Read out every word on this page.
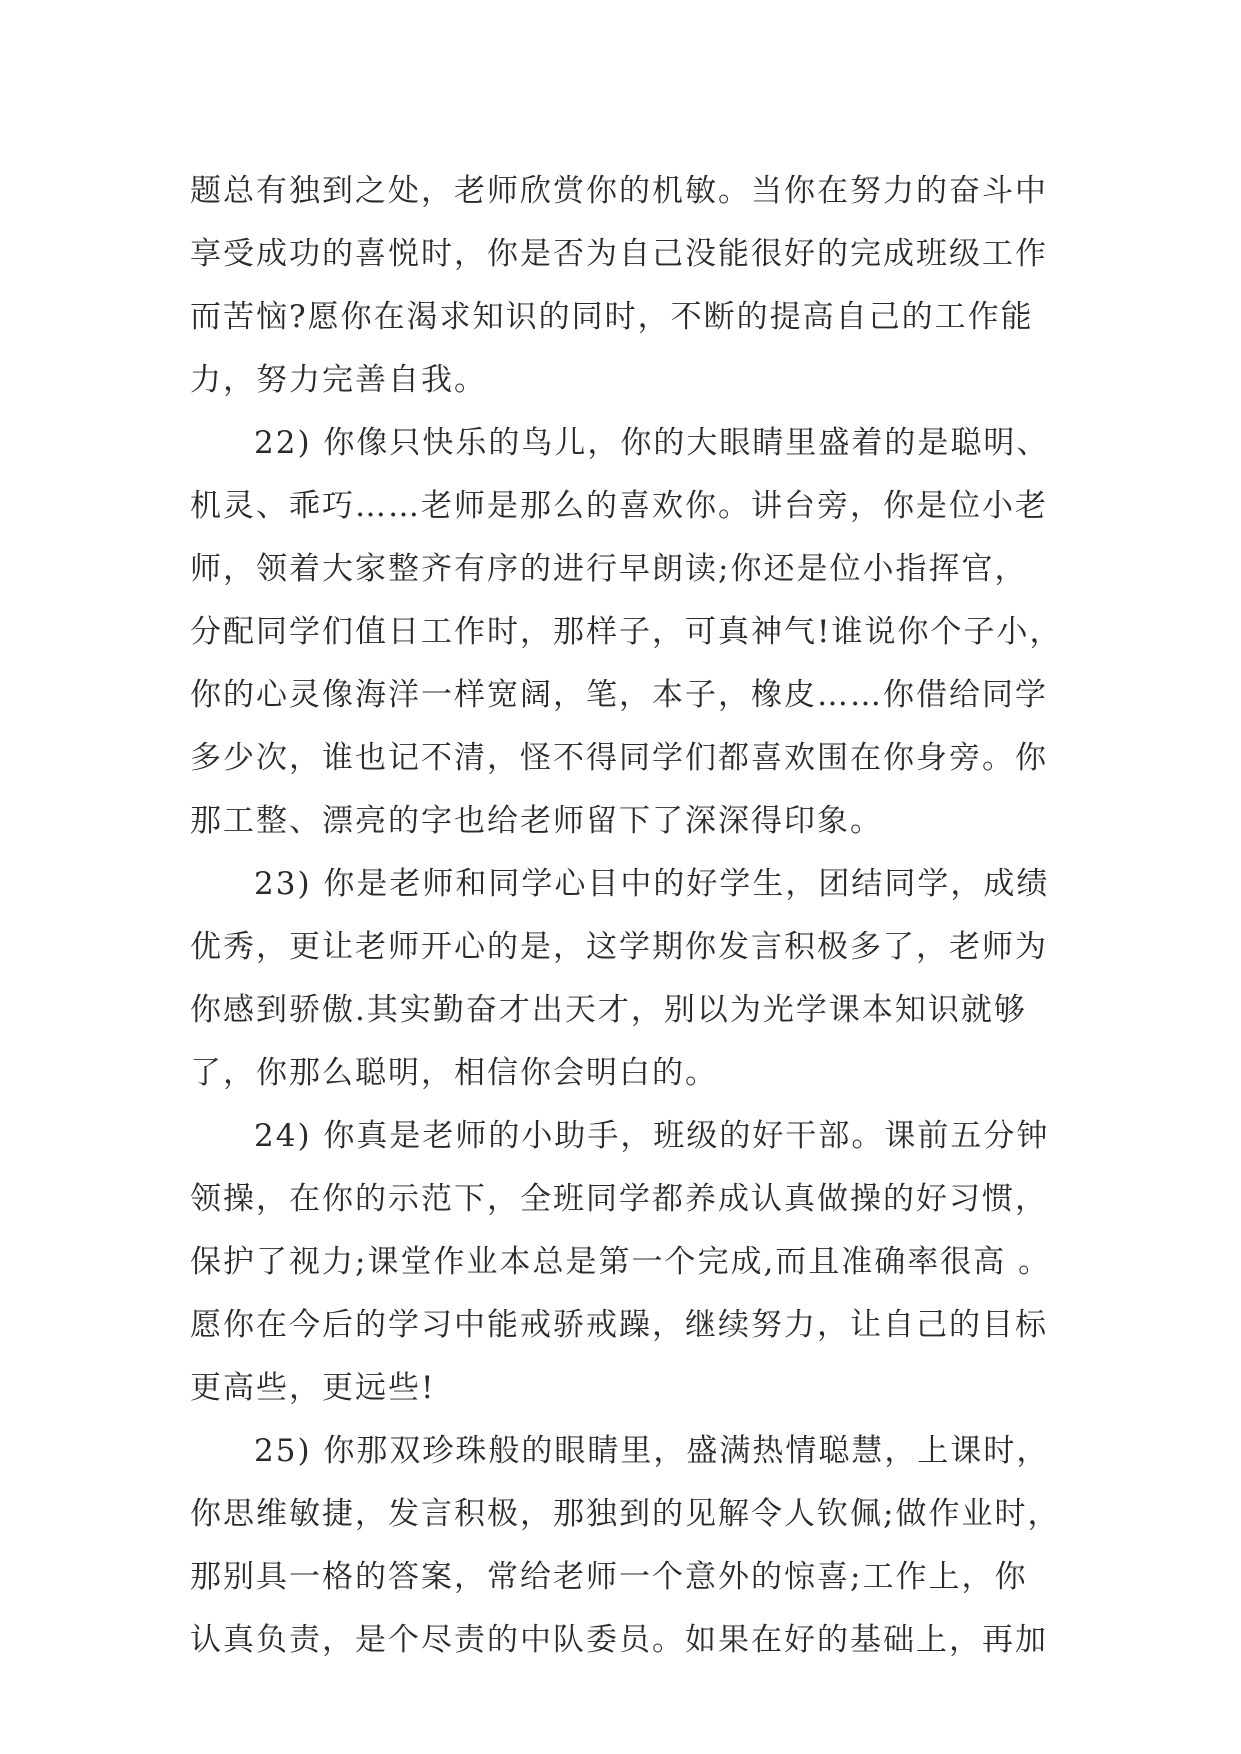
题总有独到之处，老师欣赏你的机敏。当你在努力的奋斗中
享受成功的喜悦时，你是否为自己没能很好的完成班级工作
而苦恼?愿你在渴求知识的同时，不断的提高自己的工作能
力，努力完善自我。
22) 你像只快乐的鸟儿，你的大眼睛里盛着的是聪明、
机灵、乖巧……老师是那么的喜欢你。讲台旁，你是位小老
师，领着大家整齐有序的进行早朗读;你还是位小指挥官，
分配同学们值日工作时，那样子，可真神气!谁说你个子小，
你的心灵像海洋一样宽阔，笔，本子，橡皮……你借给同学
多少次，谁也记不清，怪不得同学们都喜欢围在你身旁。你
那工整、漂亮的字也给老师留下了深深得印象。
23) 你是老师和同学心目中的好学生，团结同学，成绩
优秀，更让老师开心的是，这学期你发言积极多了，老师为
你感到骄傲.其实勤奋才出天才，别以为光学课本知识就够
了，你那么聪明，相信你会明白的。
24) 你真是老师的小助手，班级的好干部。课前五分钟
领操，在你的示范下，全班同学都养成认真做操的好习惯，
保护了视力;课堂作业本总是第一个完成,而且准确率很高 。
愿你在今后的学习中能戒骄戒躁，继续努力，让自己的目标
更高些，更远些!
25) 你那双珍珠般的眼睛里，盛满热情聪慧，上课时，
你思维敏捷，发言积极，那独到的见解令人钦佩;做作业时，
那别具一格的答案，常给老师一个意外的惊喜;工作上，你
认真负责，是个尽责的中队委员。如果在好的基础上，再加
